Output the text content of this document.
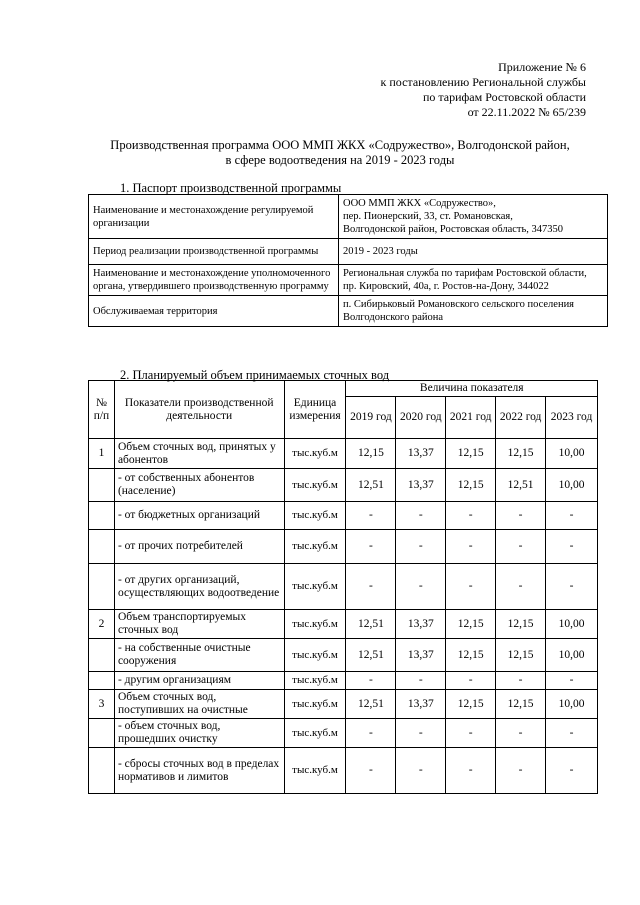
Приложение № 6
к постановлению Региональной службы
по тарифам Ростовской области
от 22.11.2022 № 65/239
Производственная программа ООО ММП ЖКХ «Содружество», Волгодонской район,
в сфере водоотведения на 2019 - 2023 годы
1. Паспорт производственной программы
Наименование и местонахождение регулируемой организации	ООО ММП ЖКХ «Содружество»,
пер. Пионерский, 33, ст. Романовская,
Волгодонской район, Ростовская область, 347350

Период реализации производственной программы	2019 - 2023 годы

Наименование и местонахождение уполномоченного органа, утвердившего производственную программу	Региональная служба по тарифам Ростовской области,
пр. Кировский, 40а, г. Ростов-на-Дону, 344022

Обслуживаемая территория	п. Сибирьковый Романовского сельского поселения Волгодонского района
2. Планируемый объем принимаемых сточных вод
№ п/п	Показатели производственной деятельности	Единица измерения	Величина показателя				
			2019 год	2020 год	2021 год	2022 год	2023 год
1	Объем сточных вод, принятых у абонентов	тыс.куб.м	12,15	13,37	12,15	12,15	10,00
	- от собственных абонентов (население)	тыс.куб.м	12,51	13,37	12,15	12,51	10,00
	- от бюджетных организаций	тыс.куб.м	-	-	-	-	-
	- от прочих потребителей	тыс.куб.м	-	-	-	-	-
	- от других организаций, осуществляющих водоотведение	тыс.куб.м	-	-	-	-	-
2	Объем транспортируемых сточных вод	тыс.куб.м	12,51	13,37	12,15	12,15	10,00
	- на собственные очистные сооружения	тыс.куб.м	12,51	13,37	12,15	12,15	10,00
	- другим организациям	тыс.куб.м	-	-	-	-	-
3	Объем сточных вод, поступивших на очистные	тыс.куб.м	12,51	13,37	12,15	12,15	10,00
	- объем сточных вод, прошедших очистку	тыс.куб.м	-	-	-	-	-
	- сбросы сточных вод в пределах нормативов и лимитов	тыс.куб.м	-	-	-	-	-
